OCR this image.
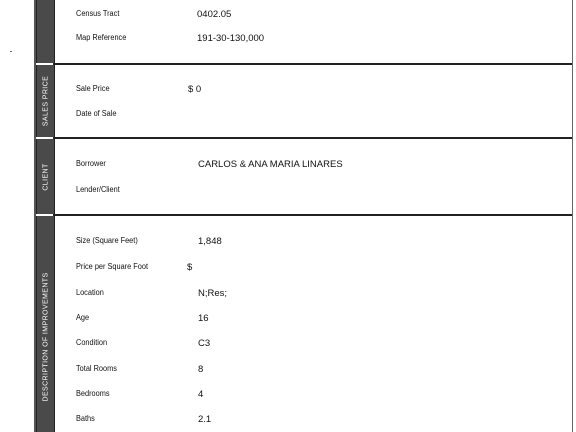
Census Tract	0402.05
Map Reference	191-30-130,000
SALES PRICE	Sale Price	$ 0
Date of Sale
CLIENT	Borrower	CARLOS & ANA MARIA LINARES
Lender/Client
DESCRIPTION OF IMPROVEMENTS
Size (Square Feet)	1,848
Price per Square Foot	$
Location	N;Res;
Age	16
Condition	C3
Total Rooms	8
Bedrooms	4
Baths	2.1
